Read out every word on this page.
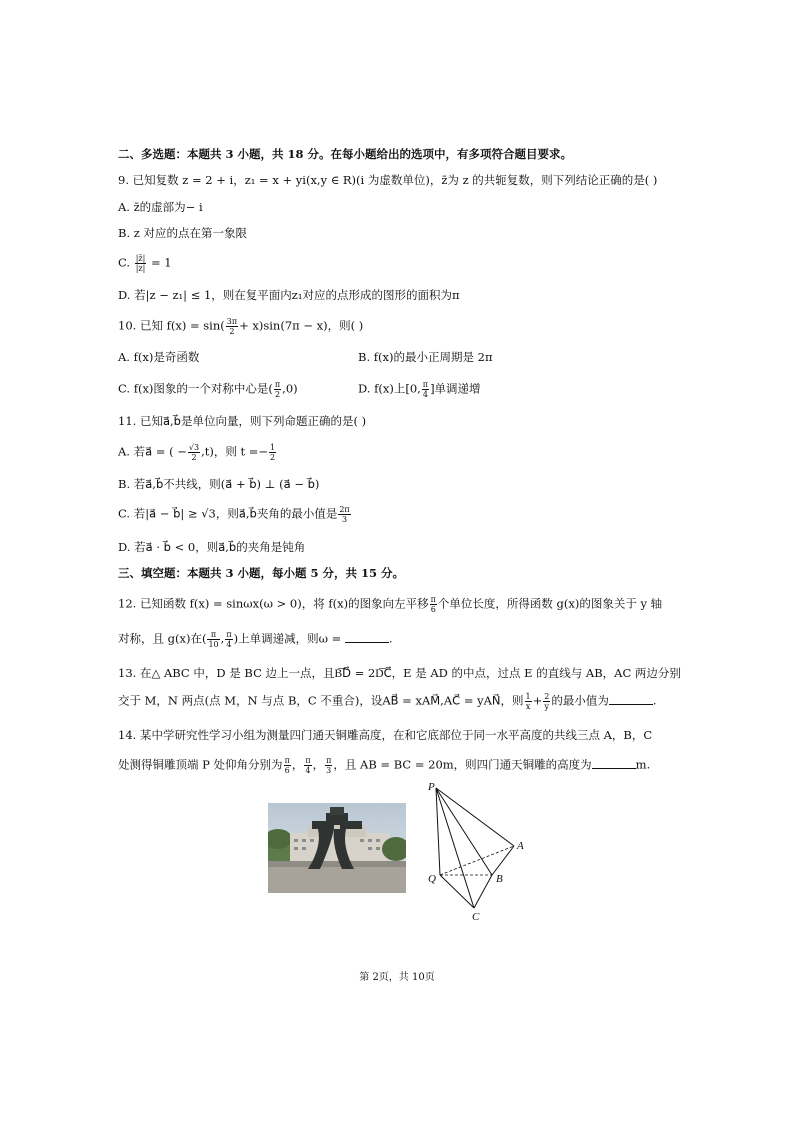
二、多选题：本题共 3 小题，共 18 分。在每小题给出的选项中，有多项符合题目要求。
9. 已知复数 z = 2 + i，z₁ = x + yi(x,y ∈ R)(i 为虚数单位)，z̄为 z 的共轭复数，则下列结论正确的是( )
A. z̄的虚部为− i
B. z 对应的点在第一象限
C. $\frac{|z̄|}{|z|} = 1$
D. 若|z − z₁| ≤ 1，则在复平面内z₁对应的点形成的图形的面积为π
10. 已知 $f(x) = \sin( \frac{3\pi}{2} + x)\sin(7\pi - x)$，则( )
A. f(x)是奇函数	B. f(x)的最小正周期是 2π
C. f(x)图象的一个对称中心是( $\frac{\pi}{2} ,0$)	D. f(x)上[0, $\frac{\pi}{4}$ ]单调递增
11. 已知a⃗,b⃗是单位向量，则下列命题正确的是( )
A. 若a⃗ = ( − $\frac{√3}{2} ,t$)，则 $t =- \frac{1}{2}$
B. 若a⃗,b⃗不共线，则(a⃗ + b⃗) ⊥ (a⃗ − b⃗)
C. 若|a⃗ − b⃗| ≥ √3，则a⃗,b⃗夹角的最小值是 $\frac{2\pi}{3}$
D. 若a⃗ · b⃗ < 0，则a⃗,b⃗的夹角是钝角
三、填空题：本题共 3 小题，每小题 5 分，共 15 分。
12. 已知函数 f(x) = sinωx(ω > 0)，将 f(x)的图象向左平移 $\frac{\pi}{6}$ 个单位长度，所得函数 g(x)的图象关于 y 轴
对称，且 g(x)在( $\frac{\pi}{10}$ , $\frac{\pi}{4}$ )上单调递减，则ω =	.
13. 在△ ABC 中，D 是 BC 边上一点，且B͞D⃗ = 2D͞C⃗，E 是 AD 的中点，过点 E 的直线与 AB，AC 两边分别
交于 M，N 两点(点 M，N 与点 B，C 不重合)，设AB⃗ = xAM⃗,AC⃗ = yAN⃗，则 $\frac{1}{x} + \frac{2}{y}$ 的最小值为	.
14. 某中学研究性学习小组为测量四门通天铜雕高度，在和它底部位于同一水平高度的共线三点 A，B，C
处测得铜雕顶端 P 处仰角分别为 $\frac{\pi}{6}$ ， $\frac{\pi}{4}$ ， $\frac{\pi}{3}$ ，且 AB = BC = 20m，则四门通天铜雕的高度为	m.
P
A
Q	B
C
第 2页，共 10页
